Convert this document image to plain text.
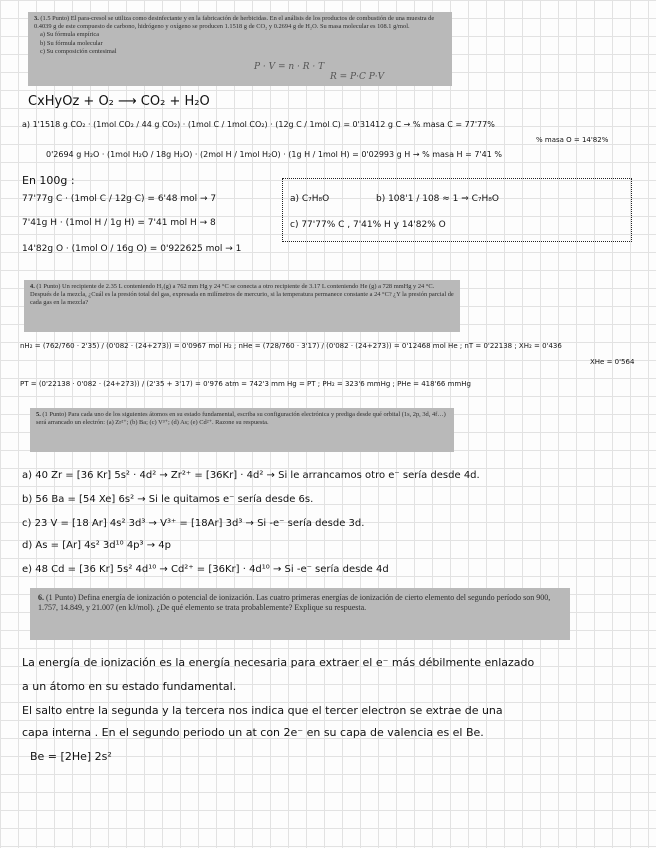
3. (1.5 Punto) El para-cresol se utiliza como desinfectante y en la fabricación de herbicidas. En el análisis de los productos de combustión de una muestra de 0.4039 g de este compuesto de carbono, hidrógeno y oxígeno se producen 1.1518 g de CO₂ y 0.2694 g de H₂O. Su masa molecular es 108.1 g/mol.
a) Su fórmula empírica
b) Su fórmula molecular
c) Su composición centesimal
P · V = n · R · T
R = P·C P·V
CxHyOz + O₂ ⟶ CO₂ + H₂O
a) 1'1518 g CO₂ · (1mol CO₂ / 44 g CO₂) · (1mol C / 1mol CO₂) · (12g C / 1mol C) = 0'31412 g C → % masa C = 77'77%
% masa O = 14'82%
0'2694 g H₂O · (1mol H₂O / 18g H₂O) · (2mol H / 1mol H₂O) · (1g H / 1mol H) = 0'02993 g H → % masa H = 7'41 %
En 100g :
77'77g C · (1mol C / 12g C) = 6'48 mol → 7
7'41g H · (1mol H / 1g H) = 7'41 mol H → 8
14'82g O · (1mol O / 16g O) = 0'922625 mol → 1
a) C₇H₈O	b) 108'1 / 108 ≈ 1 ⇒ C₇H₈O
c) 77'77% C , 7'41% H y 14'82% O
4. (1 Punto) Un recipiente de 2.35 L conteniendo H₂(g) a 762 mm Hg y 24 °C se conecta a otro recipiente de 3.17 L conteniendo He (g) a 728 mmHg y 24 °C. Después de la mezcla, ¿Cuál es la presión total del gas, expresada en milímetros de mercurio, si la temperatura permanece constante a 24 °C? ¿Y la presión parcial de cada gas en la mezcla?
nH₂ = (762/760 · 2'35) / (0'082 · (24+273)) = 0'0967 mol H₂ ; nHe = (728/760 · 3'17) / (0'082 · (24+273)) = 0'12468 mol He ; nT = 0'22138 ; XH₂ = 0'436
XHe = 0'564
PT = (0'22138 · 0'082 · (24+273)) / (2'35 + 3'17) = 0'976 atm = 742'3 mm Hg = PT ; PH₂ = 323'6 mmHg ; PHe = 418'66 mmHg
5. (1 Punto) Para cada uno de los siguientes átomos en su estado fundamental, escriba su configuración electrónica y prediga desde qué orbital (1s, 2p, 3d, 4f…) será arrancado un electrón: (a) Zr²⁺; (b) Ba; (c) V³⁺; (d) As; (e) Cd²⁺. Razone su respuesta.
a) 40 Zr = [36 Kr] 5s² · 4d² → Zr²⁺ = [36Kr] · 4d² → Si le arrancamos otro e⁻ sería desde 4d.
b) 56 Ba = [54 Xe] 6s² → Si le quitamos e⁻ sería desde 6s.
c) 23 V = [18 Ar] 4s² 3d³ → V³⁺ = [18Ar] 3d³ → Si -e⁻ sería desde 3d.
d) As = [Ar] 4s² 3d¹⁰ 4p³ → 4p
e) 48 Cd = [36 Kr] 5s² 4d¹⁰ → Cd²⁺ = [36Kr] · 4d¹⁰ → Si -e⁻ sería desde 4d
6. (1 Punto) Defina energía de ionización o potencial de ionización. Las cuatro primeras energías de ionización de cierto elemento del segundo período son 900, 1.757, 14.849, y 21.007 (en kJ/mol). ¿De qué elemento se trata probablemente? Explique su respuesta.
La energía de ionización es la energía necesaria para extraer el e⁻ más débilmente enlazado
a un átomo en su estado fundamental.
El salto entre la segunda y la tercera nos indica que el tercer electron se extrae de una
capa interna . En el segundo periodo un at con 2e⁻ en su capa de valencia es el Be.
Be = [2He] 2s²
